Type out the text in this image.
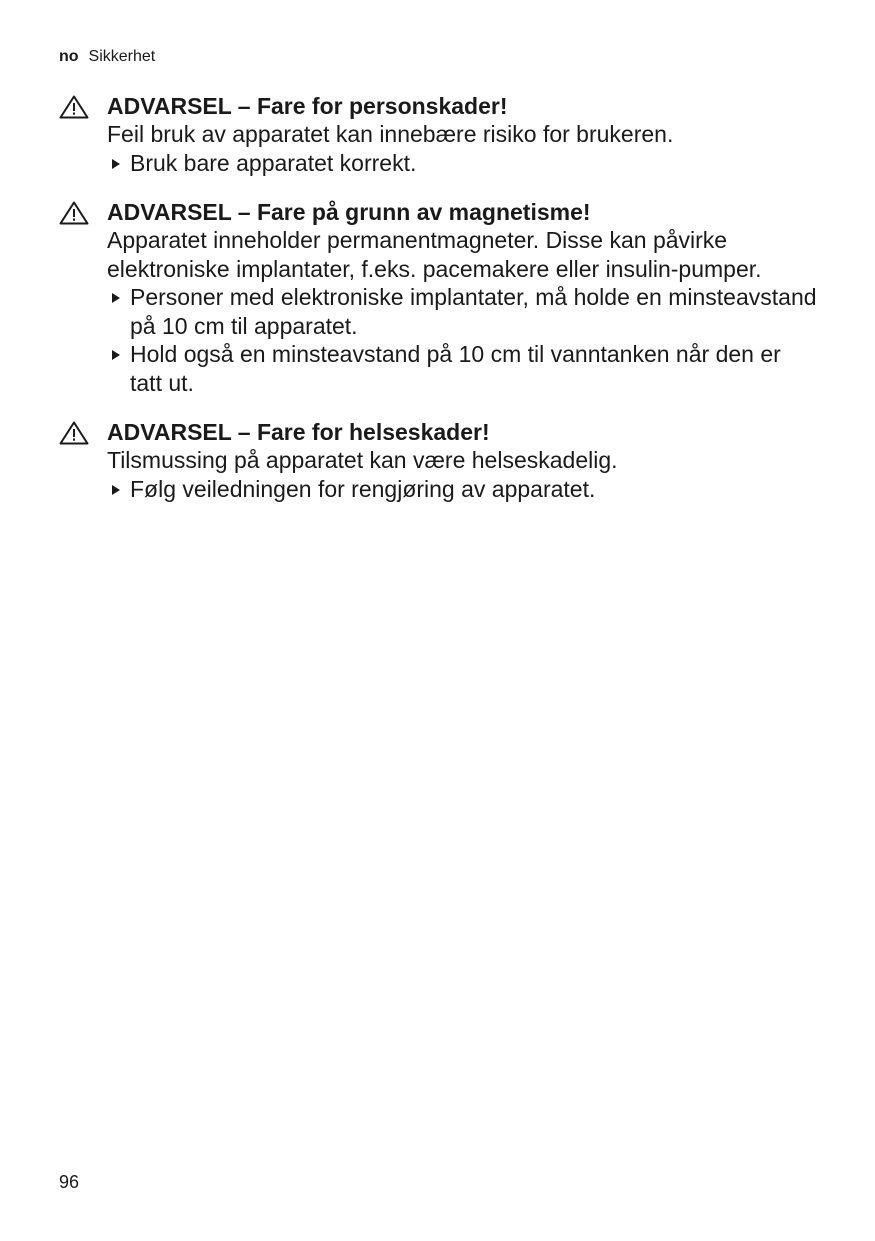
no Sikkerhet
ADVARSEL – Fare for personskader!
Feil bruk av apparatet kan innebære risiko for brukeren.
Bruk bare apparatet korrekt.
ADVARSEL – Fare på grunn av magnetisme!
Apparatet inneholder permanentmagneter. Disse kan påvirke elektroniske implantater, f.eks. pacemakere eller insulin-pumper.
Personer med elektroniske implantater, må holde en minsteavstand på 10 cm til apparatet.
Hold også en minsteavstand på 10 cm til vanntanken når den er tatt ut.
ADVARSEL – Fare for helseskader!
Tilsmussing på apparatet kan være helseskadelig.
Følg veiledningen for rengjøring av apparatet.
96
